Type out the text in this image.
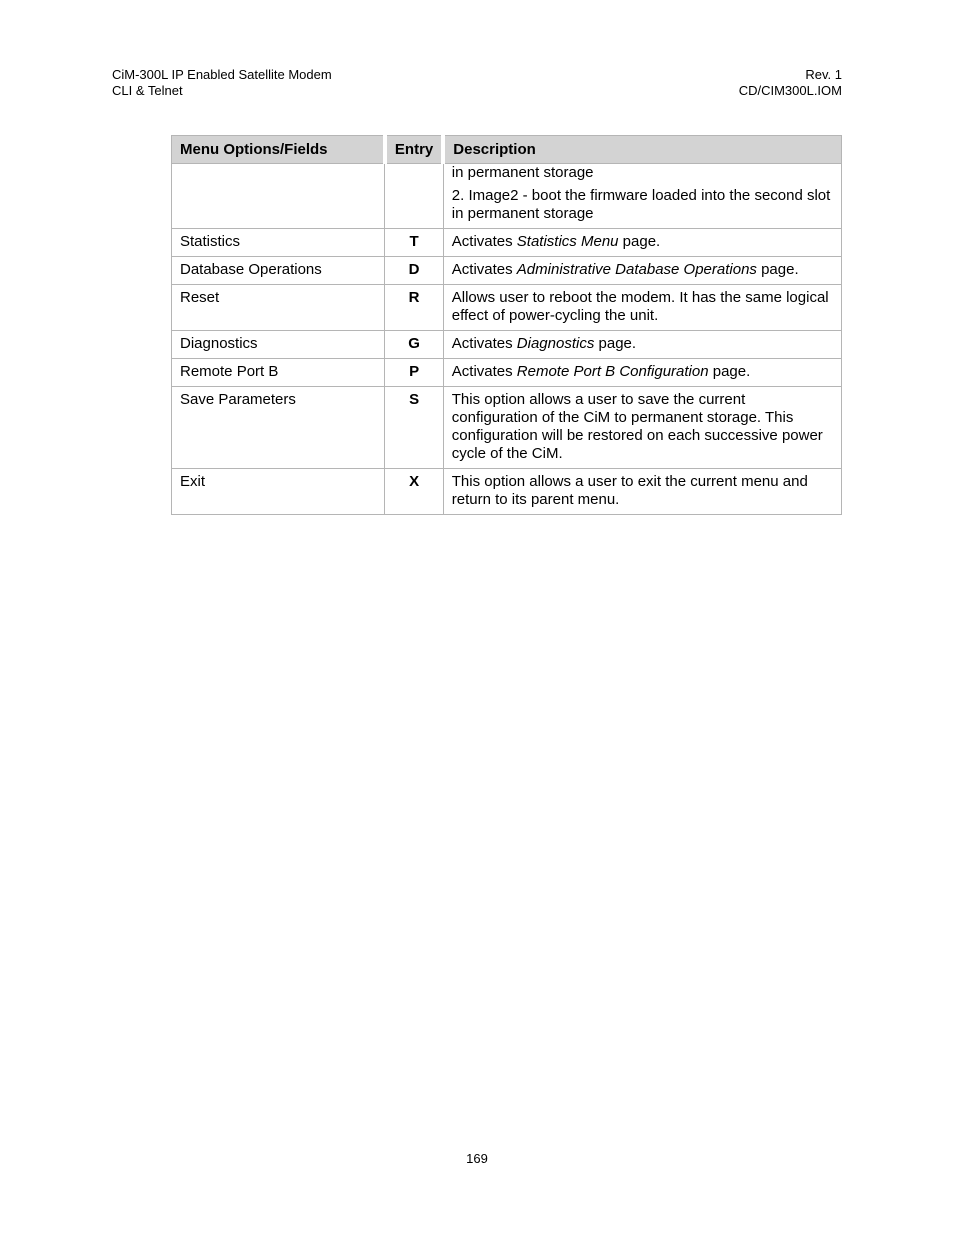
CiM-300L IP Enabled Satellite Modem
CLI & Telnet
Rev. 1
CD/CIM300L.IOM
Menu Options/Fields	Entry	Description

		in permanent storage
2. Image2 - boot the firmware loaded into the second slot in permanent storage

Statistics	T	Activates Statistics Menu page.
Database Operations	D	Activates Administrative Database Operations page.
Reset	R	Allows user to reboot the modem. It has the same logical effect of power-cycling the unit.
Diagnostics	G	Activates Diagnostics page.
Remote Port B	P	Activates Remote Port B Configuration page.
Save Parameters	S	This option allows a user to save the current configuration of the CiM to permanent storage. This configuration will be restored on each successive power cycle of the CiM.
Exit	X	This option allows a user to exit the current menu and return to its parent menu.
169
